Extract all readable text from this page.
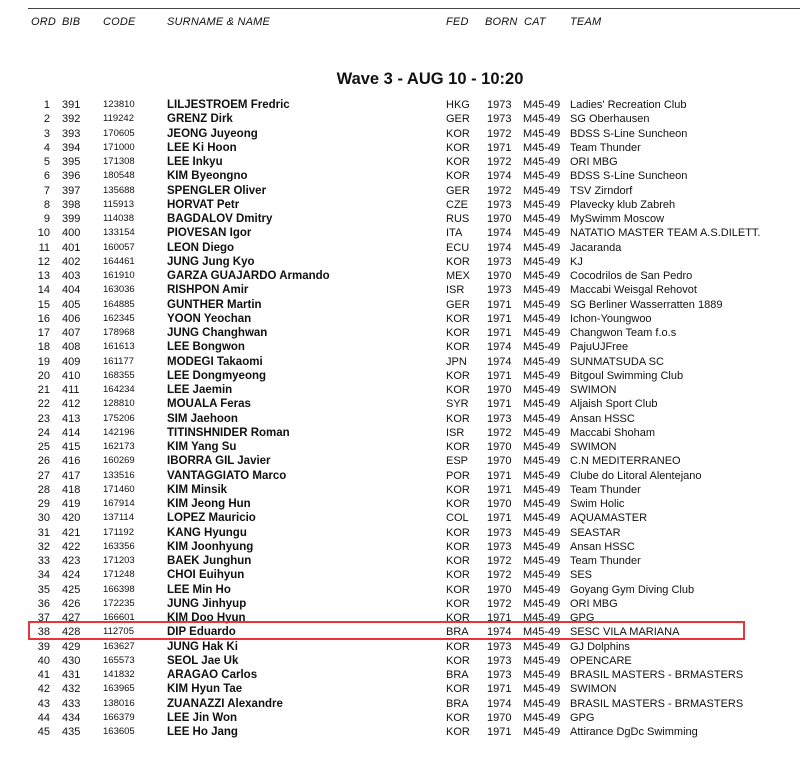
ORD BIB CODE	SURNAME & NAME	FED BORN CAT TEAM
Wave 3 - AUG 10 - 10:20
1 391 123810	LILJESTROEM Fredric	HKG 1973 M45-49 Ladies' Recreation Club
2 392 119242	GRENZ Dirk	GER 1973 M45-49 SG Oberhausen
3 393 170605	JEONG Juyeong	KOR 1972 M45-49 BDSS S-Line Suncheon
4 394 171000	LEE Ki Hoon	KOR 1971 M45-49 Team Thunder
5 395 171308	LEE Inkyu	KOR 1972 M45-49 ORI MBG
6 396 180548	KIM Byeongno	KOR 1974 M45-49 BDSS S-Line Suncheon
7 397 135688	SPENGLER Oliver	GER 1972 M45-49 TSV Zirndorf
8 398 115913	HORVAT Petr	CZE 1973 M45-49 Plavecky klub Zabreh
9 399 114038	BAGDALOV Dmitry	RUS 1970 M45-49 MySwimm Moscow
10 400 133154	PIOVESAN Igor	ITA 1974 M45-49 NATATIO MASTER TEAM A.S.DILETT.
11 401 160057	LEON Diego	ECU 1974 M45-49 Jacaranda
12 402 164461	JUNG Jung Kyo	KOR 1973 M45-49 KJ
13 403 161910	GARZA GUAJARDO Armando	MEX 1970 M45-49 Cocodrilos de San Pedro
14 404 163036	RISHPON Amir	ISR 1973 M45-49 Maccabi Weisgal Rehovot
15 405 164885	GUNTHER Martin	GER 1971 M45-49 SG Berliner Wasserratten 1889
16 406 162345	YOON Yeochan	KOR 1971 M45-49 Ichon-Youngwoo
17 407 178968	JUNG Changhwan	KOR 1971 M45-49 Changwon Team f.o.s
18 408 161613	LEE Bongwon	KOR 1974 M45-49 PajuUJFree
19 409 161177	MODEGI Takaomi	JPN 1974 M45-49 SUNMATSUDA SC
20 410 168355	LEE Dongmyeong	KOR 1971 M45-49 Bitgoul Swimming Club
21 411 164234	LEE Jaemin	KOR 1970 M45-49 SWIMON
22 412 128810	MOUALA Feras	SYR 1971 M45-49 Aljaish Sport Club
23 413 175206	SIM Jaehoon	KOR 1973 M45-49 Ansan HSSC
24 414 142196	TITINSHNIDER Roman	ISR 1972 M45-49 Maccabi Shoham
25 415 162173	KIM Yang Su	KOR 1970 M45-49 SWIMON
26 416 160269	IBORRA GIL Javier	ESP 1970 M45-49 C.N MEDITERRANEO
27 417 133516	VANTAGGIATO Marco	POR 1971 M45-49 Clube do Litoral Alentejano
28 418 171460	KIM Minsik	KOR 1971 M45-49 Team Thunder
29 419 167914	KIM Jeong Hun	KOR 1970 M45-49 Swim Holic
30 420 137114	LOPEZ Mauricio	COL 1971 M45-49 AQUAMASTER
31 421 171192	KANG Hyungu	KOR 1973 M45-49 SEASTAR
32 422 163356	KIM Joonhyung	KOR 1973 M45-49 Ansan HSSC
33 423 171203	BAEK Junghun	KOR 1972 M45-49 Team Thunder
34 424 171248	CHOI Euihyun	KOR 1972 M45-49 SES
35 425 166398	LEE Min Ho	KOR 1970 M45-49 Goyang Gym Diving Club
36 426 172235	JUNG Jinhyup	KOR 1972 M45-49 ORI MBG
37 427 166601	KIM Doo Hyun	KOR 1971 M45-49 GPG
38 428 112705	DIP Eduardo	BRA 1974 M45-49 SESC VILA MARIANA
39 429 163627	JUNG Hak Ki	KOR 1973 M45-49 GJ Dolphins
40 430 165573	SEOL Jae Uk	KOR 1973 M45-49 OPENCARE
41 431 141832	ARAGAO Carlos	BRA 1973 M45-49 BRASIL MASTERS - BRMASTERS
42 432 163965	KIM Hyun Tae	KOR 1971 M45-49 SWIMON
43 433 138016	ZUANAZZI Alexandre	BRA 1974 M45-49 BRASIL MASTERS - BRMASTERS
44 434 166379	LEE Jin Won	KOR 1970 M45-49 GPG
45 435 163605	LEE Ho Jang	KOR 1971 M45-49 Attirance DgDc Swimming
